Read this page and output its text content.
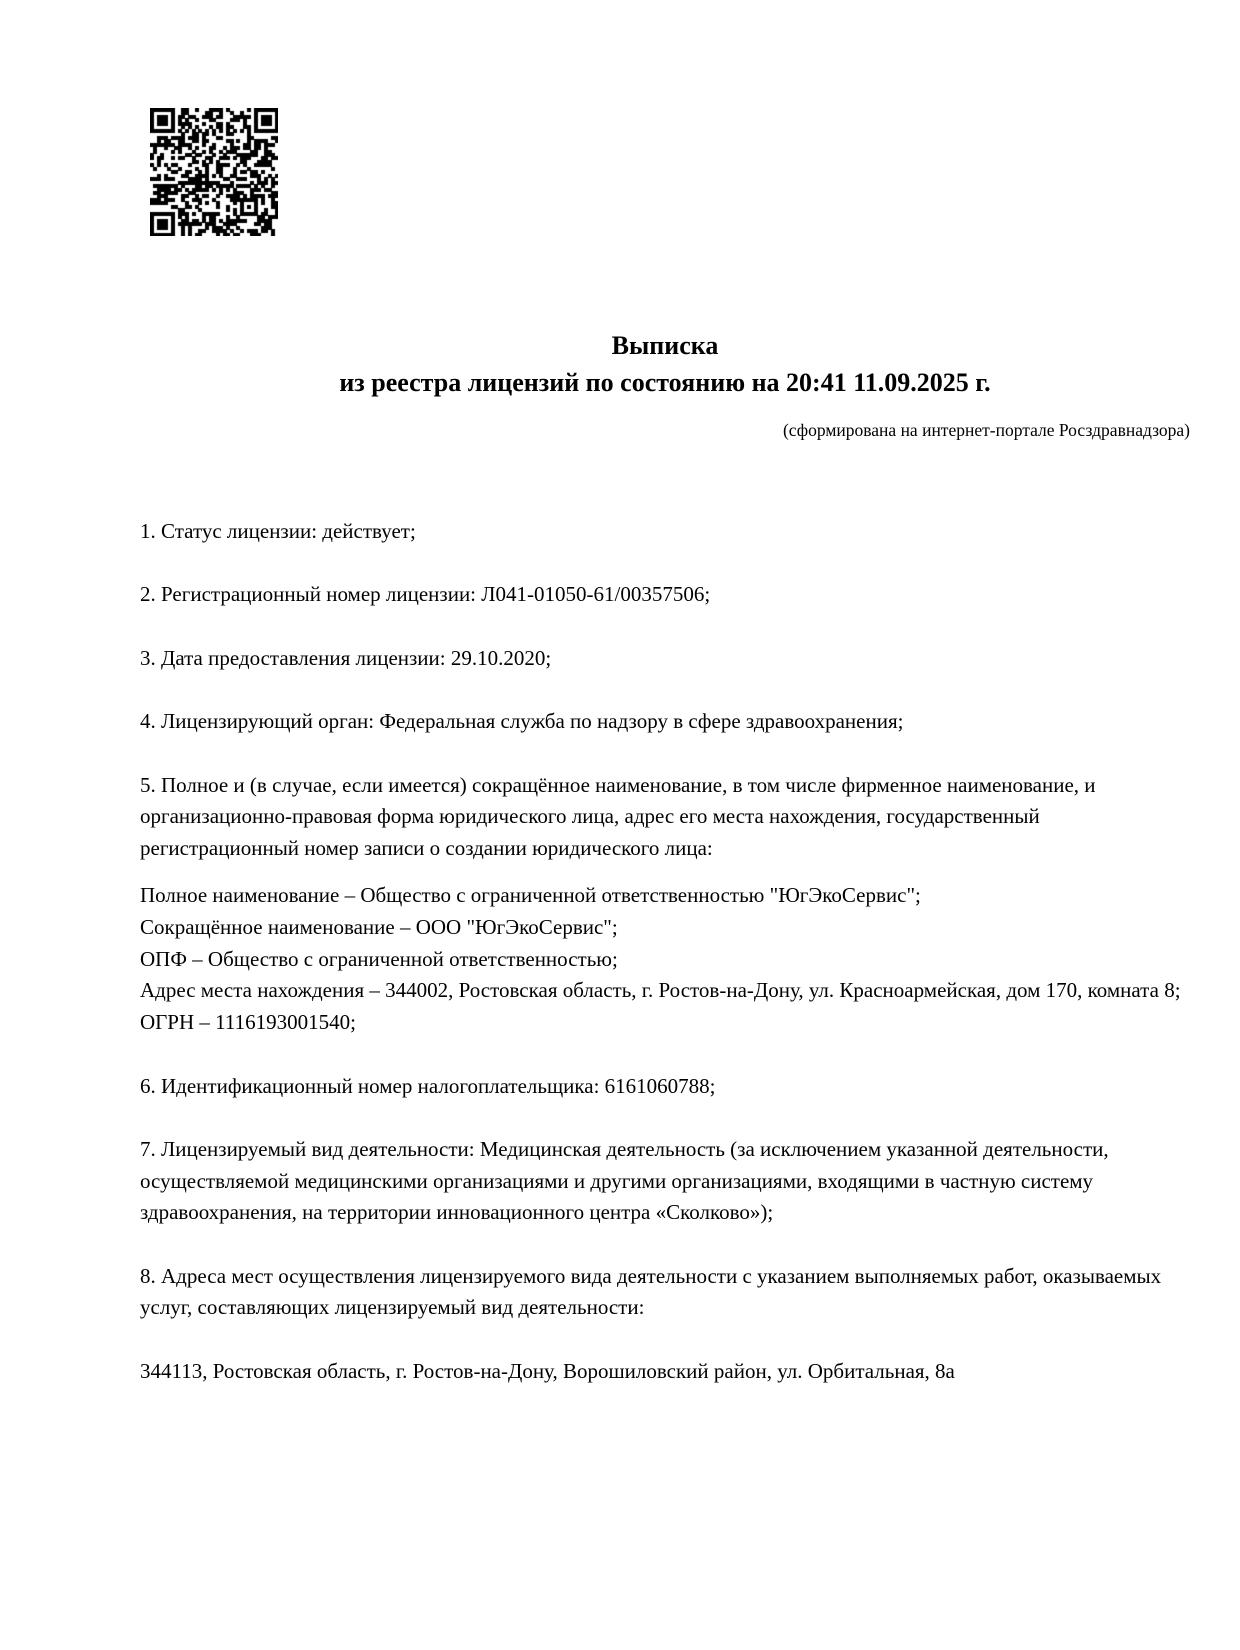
Выписка
из реестра лицензий по состоянию на 20:41 11.09.2025 г.
(сформирована на интернет-портале Росздравнадзора)

1. Статус лицензии: действует;

2. Регистрационный номер лицензии: Л041-01050-61/00357506;

3. Дата предоставления лицензии: 29.10.2020;

4. Лицензирующий орган: Федеральная служба по надзору в сфере здравоохранения;

5. Полное и (в случае, если имеется) сокращённое наименование, в том числе фирменное наименование, и организационно-правовая форма юридического лица, адрес его места нахождения, государственный регистрационный номер записи о создании юридического лица:

Полное наименование – Общество с ограниченной ответственностью "ЮгЭкоСервис";

Сокращённое наименование – ООО "ЮгЭкоСервис";

ОПФ – Общество с ограниченной ответственностью;

Адрес места нахождения – 344002, Ростовская область, г. Ростов-на-Дону, ул. Красноармейская, дом 170, комната 8;

ОГРН – 1116193001540;

6. Идентификационный номер налогоплательщика: 6161060788;

7. Лицензируемый вид деятельности: Медицинская деятельность (за исключением указанной деятельности, осуществляемой медицинскими организациями и другими организациями, входящими в частную систему здравоохранения, на территории инновационного центра «Сколково»);

8. Адреса мест осуществления лицензируемого вида деятельности с указанием выполняемых работ, оказываемых услуг, составляющих лицензируемый вид деятельности:

344113, Ростовская область, г. Ростов-на-Дону, Ворошиловский район, ул. Орбитальная, 8а
